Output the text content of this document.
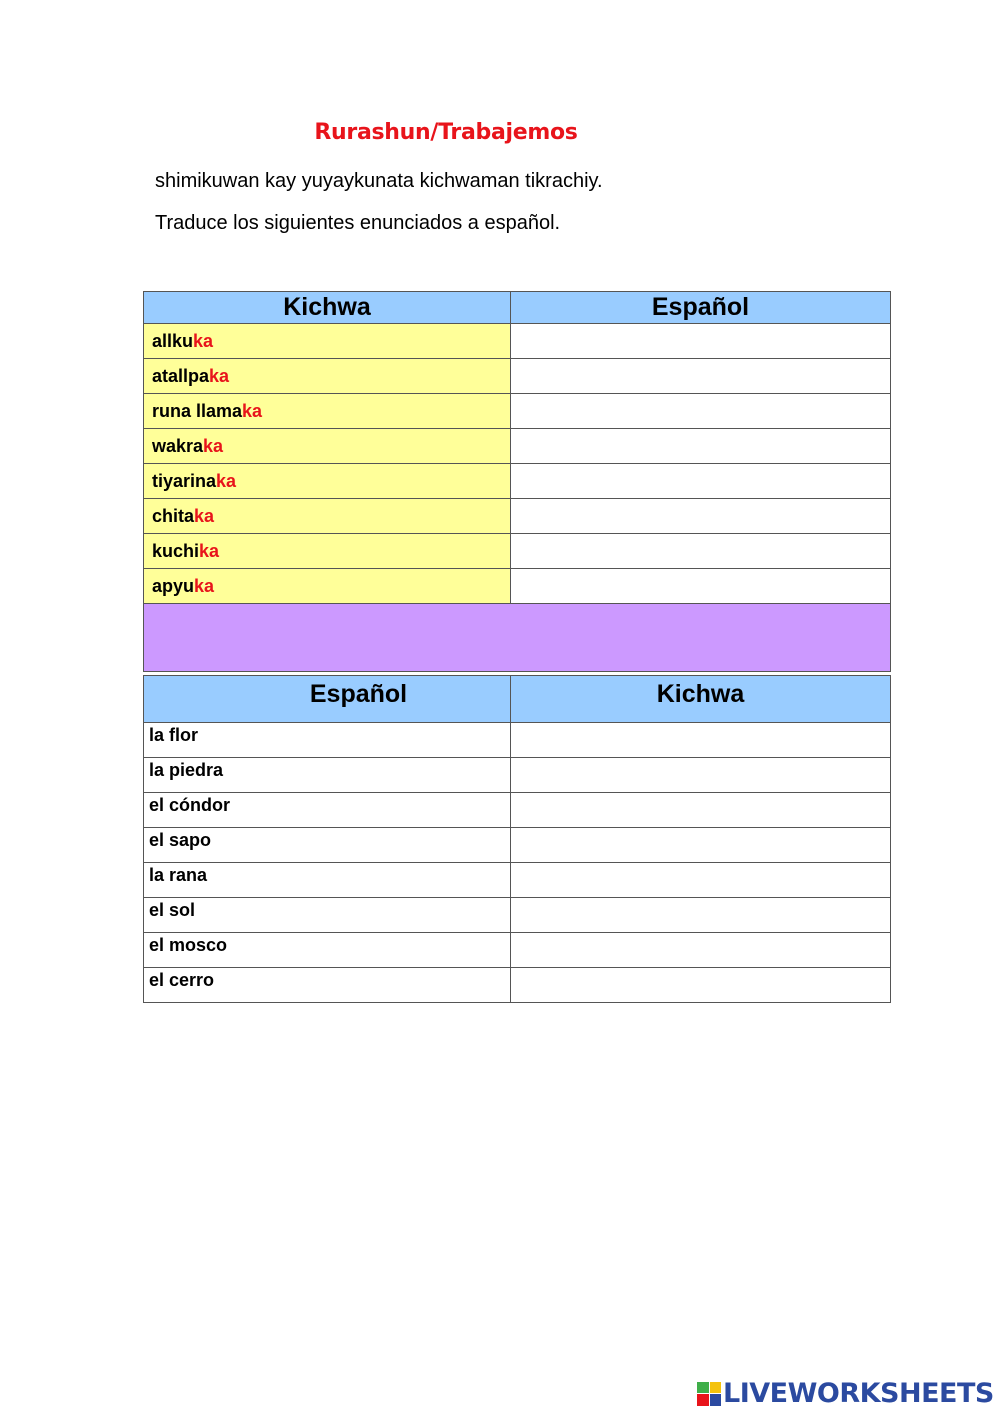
Rurashun/Trabajemos
shimikuwan kay yuyaykunata kichwaman tikrachiy.
Traduce los siguientes enunciados a español.
Kichwa	Español
allkuka	
atallpaka	
runa llamaka	
wakraka	
tiyarinaka	
chitaka	
kuchika	
apyuka	

Español	Kichwa

la flor	

la piedra	

el cóndor	

el sapo	

la rana	

el sol	

el mosco	

el cerro	

LIVEWORKSHEETS
